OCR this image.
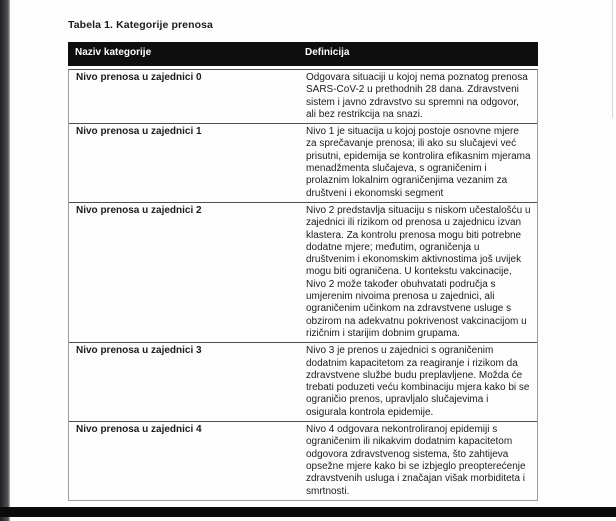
Tabela 1. Kategorije prenosa
Naziv kategorije	Definicija
Nivo prenosa u zajednici 0	Odgovara situaciji u kojoj nema poznatog prenosa SARS-CoV-2 u prethodnih 28 dana. Zdravstveni sistem i javno zdravstvo su spremni na odgovor, ali bez restrikcija na snazi.
Nivo prenosa u zajednici 1	Nivo 1 je situacija u kojoj postoje osnovne mjere za sprečavanje prenosa; ili ako su slučajevi već prisutni, epidemija se kontrolira efikasnim mjerama menadžmenta slučajeva, s ograničenim i prolaznim lokalnim ograničenjima vezanim za društveni i ekonomski segment
Nivo prenosa u zajednici 2	Nivo 2 predstavlja situaciju s niskom učestalošću u zajednici ili rizikom od prenosa u zajednicu izvan klastera. Za kontrolu prenosa mogu biti potrebne dodatne mjere; međutim, ograničenja u društvenim i ekonomskim aktivnostima još uvijek mogu biti ograničena. U kontekstu vakcinacije, Nivo 2 može također obuhvatati područja s umjerenim nivoima prenosa u zajednici, ali ograničenim učinkom na zdravstvene usluge s obzirom na adekvatnu pokrivenost vakcinacijom u rizičnim i starijim dobnim grupama.
Nivo prenosa u zajednici 3	Nivo 3 je prenos u zajednici s ograničenim dodatnim kapacitetom za reagiranje i rizikom da zdravstvene službe budu preplavljene. Možda će trebati poduzeti veću kombinaciju mjera kako bi se ograničio prenos, upravljalo slučajevima i osigurala kontrola epidemije.
Nivo prenosa u zajednici 4	Nivo 4 odgovara nekontroliranoj epidemiji s ograničenim ili nikakvim dodatnim kapacitetom odgovora zdravstvenog sistema, što zahtijeva opsežne mjere kako bi se izbjeglo preopterećenje zdravstvenih usluga i značajan višak morbiditeta i smrtnosti.
